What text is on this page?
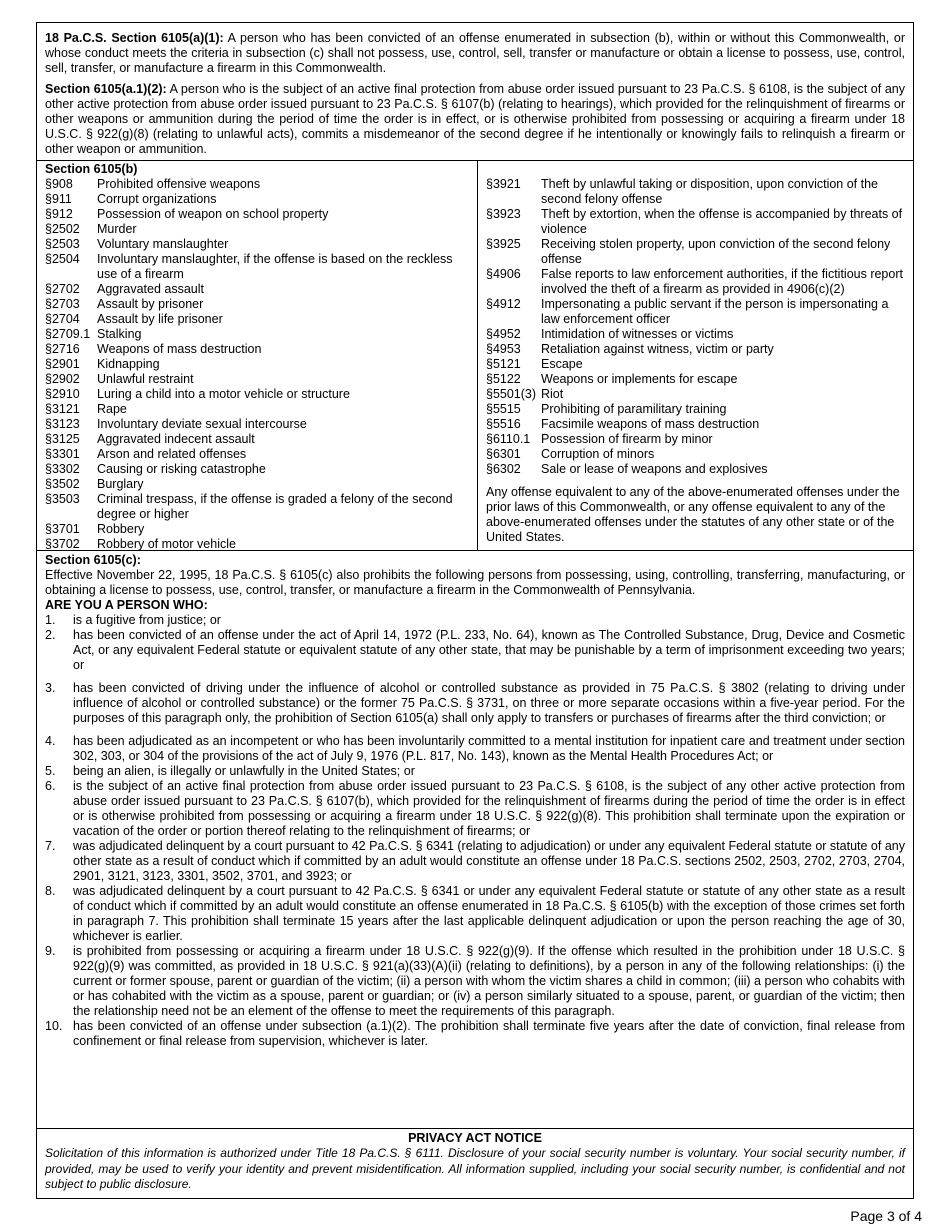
18 Pa.C.S. Section 6105(a)(1): A person who has been convicted of an offense enumerated in subsection (b), within or without this Commonwealth, or whose conduct meets the criteria in subsection (c) shall not possess, use, control, sell, transfer or manufacture or obtain a license to possess, use, control, sell, transfer, or manufacture a firearm in this Commonwealth.

Section 6105(a.1)(2): A person who is the subject of an active final protection from abuse order issued pursuant to 23 Pa.C.S. § 6108, is the subject of any other active protection from abuse order issued pursuant to 23 Pa.C.S. § 6107(b) (relating to hearings), which provided for the relinquishment of firearms or other weapons or ammunition during the period of time the order is in effect, or is otherwise prohibited from possessing or acquiring a firearm under 18 U.S.C. § 922(g)(8) (relating to unlawful acts), commits a misdemeanor of the second degree if he intentionally or knowingly fails to relinquish a firearm or other weapon or ammunition.

§908	Prohibited offensive weapons
§911	Corrupt organizations
§912	Possession of weapon on school property
§2502	Murder
§2503	Voluntary manslaughter
§2504	Involuntary manslaughter, if the offense is based on the reckless use of a firearm
§2702	Aggravated assault
§2703	Assault by prisoner
§2704	Assault by life prisoner
§2709.1 Stalking
§2716	Weapons of mass destruction
§2901	Kidnapping
§2902	Unlawful restraint
§2910	Luring a child into a motor vehicle or structure
§3121	Rape
§3123	Involuntary deviate sexual intercourse
§3125	Aggravated indecent assault
§3301	Arson and related offenses
§3302	Causing or risking catastrophe
§3502	Burglary
§3503	Criminal trespass, if the offense is graded a felony of the second degree or higher
§3701	Robbery
§3702	Robbery of motor vehicle
§3921	Theft by unlawful taking or disposition, upon conviction of the second felony offense
§3923	Theft by extortion, when the offense is accompanied by threats of violence
§3925	Receiving stolen property, upon conviction of the second felony offense
§4906	False reports to law enforcement authorities, if the fictitious report involved the theft of a firearm as provided in 4906(c)(2)
§4912	Impersonating a public servant if the person is impersonating a law enforcement officer
§4952	Intimidation of witnesses or victims
§4953	Retaliation against witness, victim or party
§5121	Escape
§5122	Weapons or implements for escape
§5501(3) Riot
§5515	Prohibiting of paramilitary training
§5516	Facsimile weapons of mass destruction
§6110.1 Possession of firearm by minor
§6301	Corruption of minors
§6302	Sale or lease of weapons and explosives

Any offense equivalent to any of the above-enumerated offenses under the prior laws of this Commonwealth, or any offense equivalent to any of the above-enumerated offenses under the statutes of any other state or of the United States.

Section 6105(b)
Section 6105(c):

Effective November 22, 1995, 18 Pa.C.S. § 6105(c) also prohibits the following persons from possessing, using, controlling, transferring, manufacturing, or obtaining a license to possess, use, control, transfer, or manufacture a firearm in the Commonwealth of Pennsylvania.

ARE YOU A PERSON WHO:
1.	is a fugitive from justice; or
2.	has been convicted of an offense under the act of April 14, 1972 (P.L. 233, No. 64), known as The Controlled Substance, Drug, Device and Cosmetic Act, or any equivalent Federal statute or equivalent statute of any other state, that may be punishable by a term of imprisonment exceeding two years; or
3.	has been convicted of driving under the influence of alcohol or controlled substance as provided in 75 Pa.C.S. § 3802 (relating to driving under influence of alcohol or controlled substance) or the former 75 Pa.C.S. § 3731, on three or more separate occasions within a five-year period. For the purposes of this paragraph only, the prohibition of Section 6105(a) shall only apply to transfers or purchases of firearms after the third conviction; or
4.	has been adjudicated as an incompetent or who has been involuntarily committed to a mental institution for inpatient care and treatment under section 302, 303, or 304 of the provisions of the act of July 9, 1976 (P.L. 817, No. 143), known as the Mental Health Procedures Act; or
5.	being an alien, is illegally or unlawfully in the United States; or
6.	is the subject of an active final protection from abuse order issued pursuant to 23 Pa.C.S. § 6108, is the subject of any other active protection from abuse order issued pursuant to 23 Pa.C.S. § 6107(b), which provided for the relinquishment of firearms during the period of time the order is in effect or is otherwise prohibited from possessing or acquiring a firearm under 18 U.S.C. § 922(g)(8). This prohibition shall terminate upon the expiration or vacation of the order or portion thereof relating to the relinquishment of firearms; or
7.	was adjudicated delinquent by a court pursuant to 42 Pa.C.S. § 6341 (relating to adjudication) or under any equivalent Federal statute or statute of any other state as a result of conduct which if committed by an adult would constitute an offense under 18 Pa.C.S. sections 2502, 2503, 2702, 2703, 2704, 2901, 3121, 3123, 3301, 3502, 3701, and 3923; or
8.	was adjudicated delinquent by a court pursuant to 42 Pa.C.S. § 6341 or under any equivalent Federal statute or statute of any other state as a result of conduct which if committed by an adult would constitute an offense enumerated in 18 Pa.C.S. § 6105(b) with the exception of those crimes set forth in paragraph 7. This prohibition shall terminate 15 years after the last applicable delinquent adjudication or upon the person reaching the age of 30, whichever is earlier.
9.	is prohibited from possessing or acquiring a firearm under 18 U.S.C. § 922(g)(9). If the offense which resulted in the prohibition under 18 U.S.C. § 922(g)(9) was committed, as provided in 18 U.S.C. § 921(a)(33)(A)(ii) (relating to definitions), by a person in any of the following relationships: (i) the current or former spouse, parent or guardian of the victim; (ii) a person with whom the victim shares a child in common; (iii) a person who cohabits with or has cohabited with the victim as a spouse, parent or guardian; or (iv) a person similarly situated to a spouse, parent, or guardian of the victim; then the relationship need not be an element of the offense to meet the requirements of this paragraph.
10. has been convicted of an offense under subsection (a.1)(2). The prohibition shall terminate five years after the date of conviction, final release from confinement or final release from supervision, whichever is later.
PRIVACY ACT NOTICE

Solicitation of this information is authorized under Title 18 Pa.C.S. § 6111. Disclosure of your social security number is voluntary. Your social security number, if provided, may be used to verify your identity and prevent misidentification. All information supplied, including your social security number, is confidential and not subject to public disclosure.

Page 3 of 4
